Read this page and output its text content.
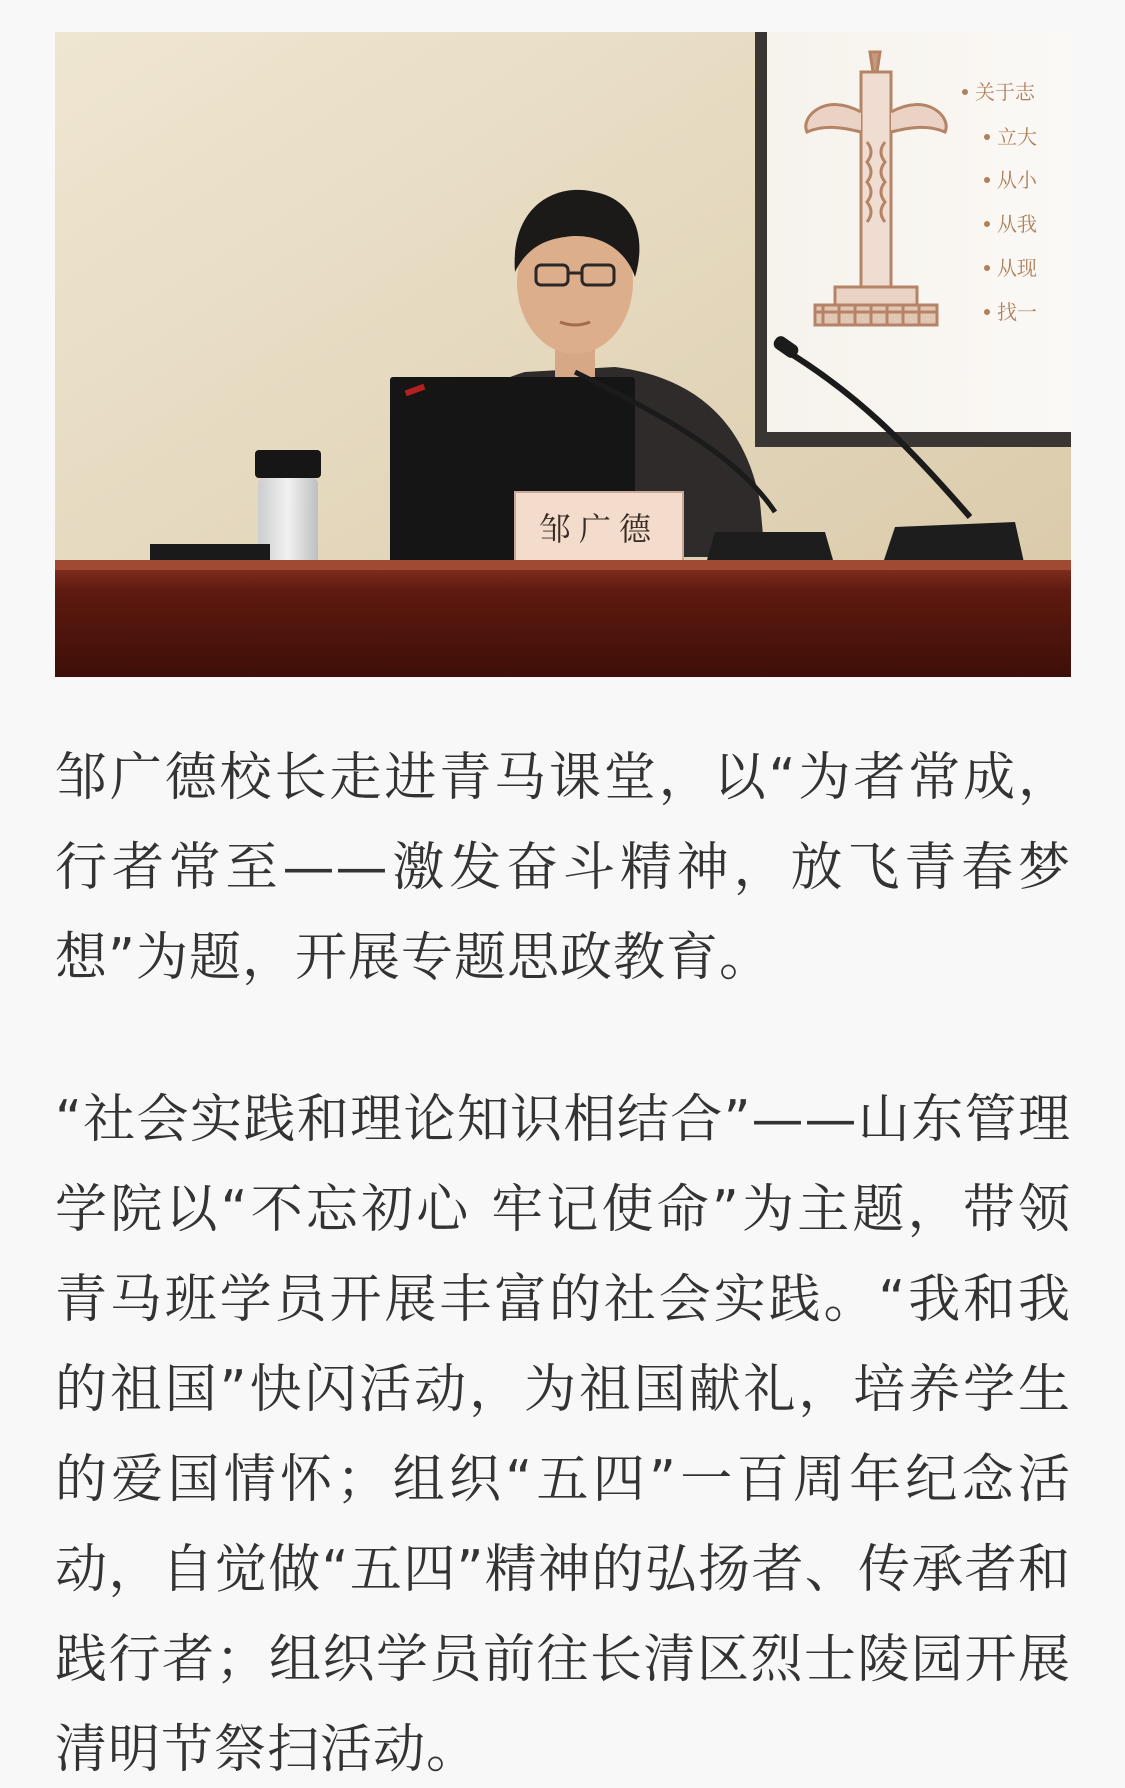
关于志
立大
从小
从我
从现
找一
邹广德

邹广德校长走进青马课堂，以“为者常成，行者常至——激发奋斗精神，放飞青春梦想”为题，开展专题思政教育。

“社会实践和理论知识相结合”——山东管理学院以“不忘初心 牢记使命”为主题，带领青马班学员开展丰富的社会实践。“我和我的祖国”快闪活动，为祖国献礼，培养学生的爱国情怀；组织“五四”一百周年纪念活动，自觉做“五四”精神的弘扬者、传承者和践行者；组织学员前往长清区烈士陵园开展清明节祭扫活动。
